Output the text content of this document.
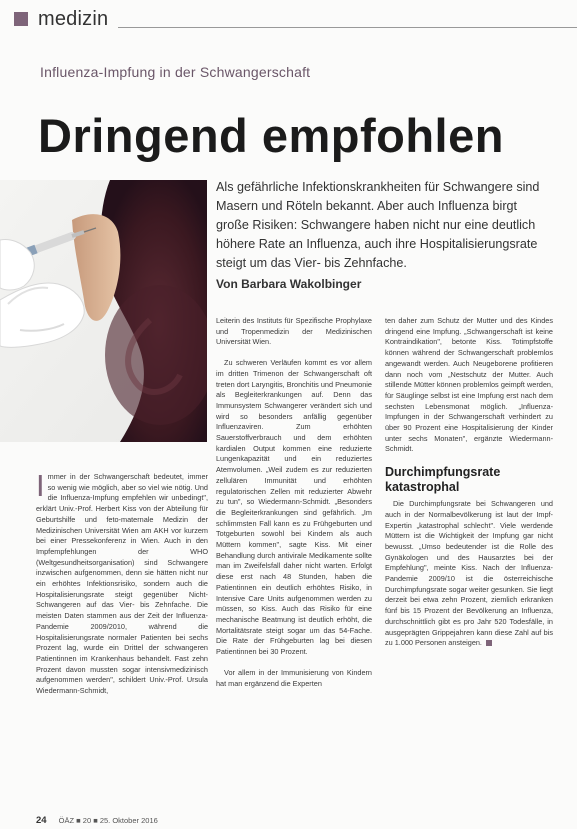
medizin
Influenza-Impfung in der Schwangerschaft
Dringend empfohlen
Als gefährliche Infektionskrankheiten für Schwangere sind Masern und Röteln bekannt. Aber auch Influenza birgt große Risiken: Schwangere haben nicht nur eine deutlich höhere Rate an Influenza, auch ihre Hospitalisierungsrate steigt um das Vier- bis Zehnfache.
Von Barbara Wakolbinger

Immer in der Schwangerschaft bedeutet, immer so wenig wie möglich, aber so viel wie nötig. Und die Influenza-Impfung empfehlen wir unbedingt", erklärt Univ.-Prof. Herbert Kiss von der Abteilung für Geburtshilfe und feto-maternale Medizin der Medizinischen Universität Wien am AKH vor kurzem bei einer Pressekonferenz in Wien. Auch in den Impfempfehlungen der WHO (Weltgesundheitsorganisation) sind Schwangere inzwischen aufgenommen, denn sie hätten nicht nur ein erhöhtes Infektionsrisiko, sondern auch die Hospitalisierungsrate steigt gegenüber Nicht-Schwangeren auf das Vier- bis Zehnfache. Die meisten Daten stammen aus der Zeit der Influenza-Pandemie 2009/2010, während die Hospitalisierungsrate normaler Patienten bei sechs Prozent lag, wurde ein Drittel der schwangeren Patientinnen im Krankenhaus behandelt. Fast zehn Prozent davon mussten sogar intensivmedizinisch aufgenommen werden", schildert Univ.-Prof. Ursula Wiedermann-Schmidt,

Leiterin des Instituts für Spezifische Prophylaxe und Tropenmedizin der Medizinischen Universität Wien.

Zu schweren Verläufen kommt es vor allem im dritten Trimenon der Schwangerschaft oft treten dort Laryngitis, Bronchitis und Pneumonie als Begleiterkrankungen auf. Denn das Immunsystem Schwangerer verändert sich und wird so besonders anfällig gegenüber Influenzaviren. Zum erhöhten Sauerstoffverbrauch und dem erhöhten kardialen Output kommen eine reduzierte Lungenkapazität und ein reduziertes Atemvolumen. „Weil zudem es zur reduzierten zellulären Immunität und erhöhten regulatorischen Zellen mit reduzierter Abwehr zu tun", so Wiedermann-Schmidt. „Besonders die Begleiterkrankungen sind gefährlich. „Im schlimmsten Fall kann es zu Frühgeburten und Totgeburten sowohl bei Kindern als auch Müttern kommen", sagte Kiss. Mit einer Behandlung durch antivirale Medikamente sollte man im Zweifelsfall daher nicht warten. Erfolgt diese erst nach 48 Stunden, haben die Patientinnen ein deutlich erhöhtes Risiko, in Intensive Care Units aufgenommen werden zu müssen, so Kiss. Auch das Risiko für eine mechanische Beatmung ist deutlich erhöht, die Mortalitätsrate steigt sogar um das 54-Fache. Die Rate der Frühgeburten lag bei diesen Patientinnen bei 30 Prozent.

Vor allem in der Immunisierung von Kindern hat man ergänzend die Experten

ten daher zum Schutz der Mutter und des Kindes dringend eine Impfung. „Schwangerschaft ist keine Kontraindikation", betonte Kiss. Totimpfstoffe können während der Schwangerschaft problemlos angewandt werden. Auch Neugeborene profitieren dann noch vom „Nestschutz der Mutter. Auch stillende Mütter können problemlos geimpft werden, für Säuglinge selbst ist eine Impfung erst nach dem sechsten Lebensmonat möglich. „Influenza-Impfungen in der Schwangerschaft verhindert zu über 90 Prozent eine Hospitalisierung der Kinder unter sechs Monaten", ergänzte Wiedermann-Schmidt.

Durchimpfungsrate katastrophal

Die Durchimpfungsrate bei Schwangeren und auch in der Normalbevölkerung ist laut der Impf-Expertin „katastrophal schlecht". Viele werdende Müttern ist die Wichtigkeit der Impfung gar nicht bewusst. „Umso bedeutender ist die Rolle des Gynäkologen und des Hausarztes bei der Empfehlung", meinte Kiss. Nach der Influenza-Pandemie 2009/10 ist die österreichische Durchimpfungsrate sogar weiter gesunken. Sie liegt derzeit bei etwa zehn Prozent, ziemlich erkranken fünf bis 15 Prozent der Bevölkerung an Influenza, durchschnittlich gibt es pro Jahr 520 Todesfälle, in ausgeprägten Grippejahren kann diese Zahl auf bis zu 1.000 Personen ansteigen.

24 ÖÄZ ■ 20 ■ 25. Oktober 2016
